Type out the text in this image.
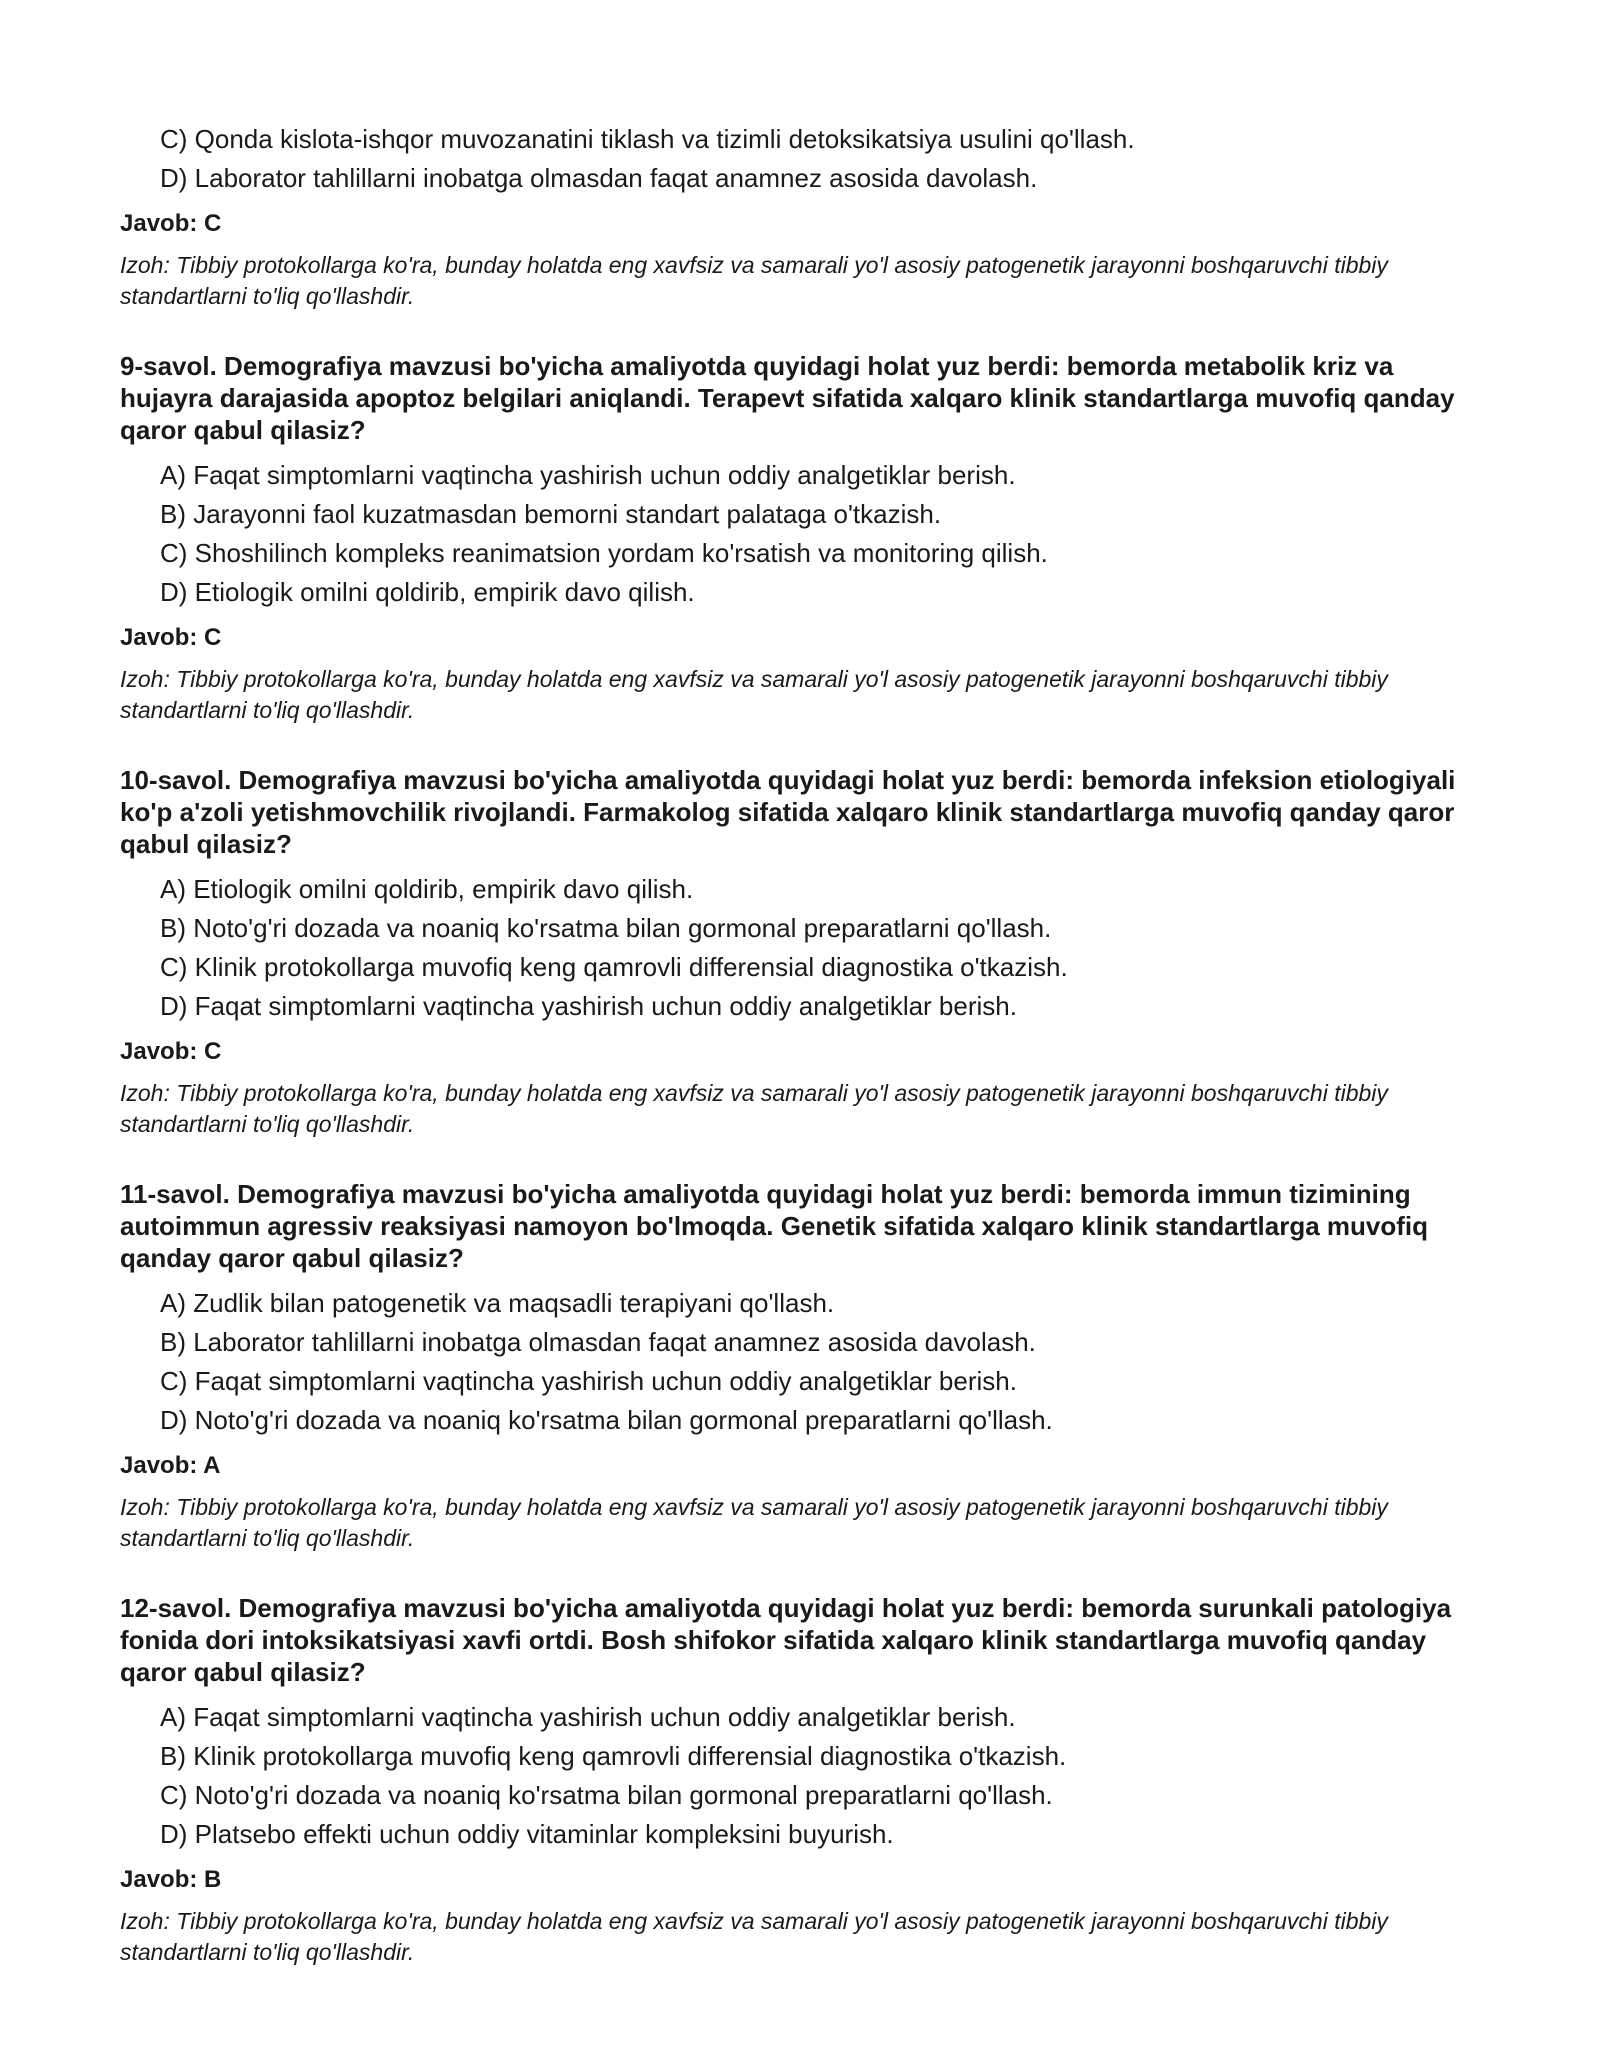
C) Qonda kislota-ishqor muvozanatini tiklash va tizimli detoksikatsiya usulini qo'llash.
D) Laborator tahlillarni inobatga olmasdan faqat anamnez asosida davolash.
Javob: C
Izoh: Tibbiy protokollarga ko'ra, bunday holatda eng xavfsiz va samarali yo'l asosiy patogenetik jarayonni boshqaruvchi tibbiy standartlarni to'liq qo'llashdir.
9-savol. Demografiya mavzusi bo'yicha amaliyotda quyidagi holat yuz berdi: bemorda metabolik kriz va hujayra darajasida apoptoz belgilari aniqlandi. Terapevt sifatida xalqaro klinik standartlarga muvofiq qanday qaror qabul qilasiz?
A) Faqat simptomlarni vaqtincha yashirish uchun oddiy analgetiklar berish.
B) Jarayonni faol kuzatmasdan bemorni standart palataga o'tkazish.
C) Shoshilinch kompleks reanimatsion yordam ko'rsatish va monitoring qilish.
D) Etiologik omilni qoldirib, empirik davo qilish.
Javob: C
Izoh: Tibbiy protokollarga ko'ra, bunday holatda eng xavfsiz va samarali yo'l asosiy patogenetik jarayonni boshqaruvchi tibbiy standartlarni to'liq qo'llashdir.
10-savol. Demografiya mavzusi bo'yicha amaliyotda quyidagi holat yuz berdi: bemorda infeksion etiologiyali ko'p a'zoli yetishmovchilik rivojlandi. Farmakolog sifatida xalqaro klinik standartlarga muvofiq qanday qaror qabul qilasiz?
A) Etiologik omilni qoldirib, empirik davo qilish.
B) Noto'g'ri dozada va noaniq ko'rsatma bilan gormonal preparatlarni qo'llash.
C) Klinik protokollarga muvofiq keng qamrovli differensial diagnostika o'tkazish.
D) Faqat simptomlarni vaqtincha yashirish uchun oddiy analgetiklar berish.
Javob: C
Izoh: Tibbiy protokollarga ko'ra, bunday holatda eng xavfsiz va samarali yo'l asosiy patogenetik jarayonni boshqaruvchi tibbiy standartlarni to'liq qo'llashdir.
11-savol. Demografiya mavzusi bo'yicha amaliyotda quyidagi holat yuz berdi: bemorda immun tizimining autoimmun agressiv reaksiyasi namoyon bo'lmoqda. Genetik sifatida xalqaro klinik standartlarga muvofiq qanday qaror qabul qilasiz?
A) Zudlik bilan patogenetik va maqsadli terapiyani qo'llash.
B) Laborator tahlillarni inobatga olmasdan faqat anamnez asosida davolash.
C) Faqat simptomlarni vaqtincha yashirish uchun oddiy analgetiklar berish.
D) Noto'g'ri dozada va noaniq ko'rsatma bilan gormonal preparatlarni qo'llash.
Javob: A
Izoh: Tibbiy protokollarga ko'ra, bunday holatda eng xavfsiz va samarali yo'l asosiy patogenetik jarayonni boshqaruvchi tibbiy standartlarni to'liq qo'llashdir.
12-savol. Demografiya mavzusi bo'yicha amaliyotda quyidagi holat yuz berdi: bemorda surunkali patologiya fonida dori intoksikatsiyasi xavfi ortdi. Bosh shifokor sifatida xalqaro klinik standartlarga muvofiq qanday qaror qabul qilasiz?
A) Faqat simptomlarni vaqtincha yashirish uchun oddiy analgetiklar berish.
B) Klinik protokollarga muvofiq keng qamrovli differensial diagnostika o'tkazish.
C) Noto'g'ri dozada va noaniq ko'rsatma bilan gormonal preparatlarni qo'llash.
D) Platsebo effekti uchun oddiy vitaminlar kompleksini buyurish.
Javob: B
Izoh: Tibbiy protokollarga ko'ra, bunday holatda eng xavfsiz va samarali yo'l asosiy patogenetik jarayonni boshqaruvchi tibbiy standartlarni to'liq qo'llashdir.
